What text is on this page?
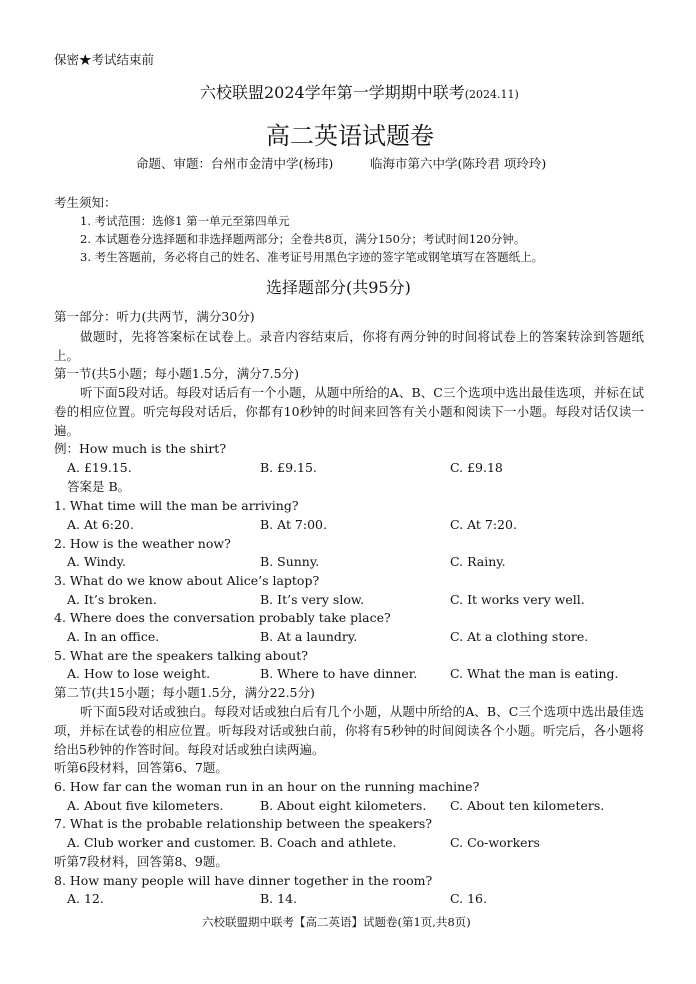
保密★考试结束前
六校联盟2024学年第一学期期中联考(2024.11)
高二英语试题卷
命题、审题：台州市金清中学(杨玮)	临海市第六中学(陈玲君 项玲玲)
考生须知：
1. 考试范围：选修1 第一单元至第四单元
2. 本试题卷分选择题和非选择题两部分；全卷共8页，满分150分；考试时间120分钟。
3. 考生答题前，务必将自己的姓名、准考证号用黑色字迹的签字笔或钢笔填写在答题纸上。
选择题部分(共95分)
第一部分：听力(共两节，满分30分)
做题时，先将答案标在试卷上。录音内容结束后，你将有两分钟的时间将试卷上的答案转涂到答题纸上。
第一节(共5小题；每小题1.5分，满分7.5分)
听下面5段对话。每段对话后有一个小题，从题中所给的A、B、C三个选项中选出最佳选项，并标在试卷的相应位置。听完每段对话后，你都有10秒钟的时间来回答有关小题和阅读下一小题。每段对话仅读一遍。
例：How much is the shirt?
A. £19.15.	B. £9.15.	C. £9.18
答案是 B。
1. What time will the man be arriving?
A. At 6:20.	B. At 7:00.	C. At 7:20.
2. How is the weather now?
A. Windy.	B. Sunny.	C. Rainy.
3. What do we know about Alice’s laptop?
A. It’s broken.	B. It’s very slow.	C. It works very well.
4. Where does the conversation probably take place?
A. In an office.	B. At a laundry.	C. At a clothing store.
5. What are the speakers talking about?
A. How to lose weight.	B. Where to have dinner.	C. What the man is eating.
第二节(共15小题；每小题1.5分，满分22.5分)
听下面5段对话或独白。每段对话或独白后有几个小题，从题中所给的A、B、C三个选项中选出最佳选项，并标在试卷的相应位置。听每段对话或独白前，你将有5秒钟的时间阅读各个小题。听完后，各小题将给出5秒钟的作答时间。每段对话或独白读两遍。
听第6段材料，回答第6、7题。
6. How far can the woman run in an hour on the running machine?
A. About five kilometers.	B. About eight kilometers. C. About ten kilometers.
7. What is the probable relationship between the speakers?
A. Club worker and customer. B. Coach and athlete.	C. Co-workers
听第7段材料，回答第8、9题。
8. How many people will have dinner together in the room?
A. 12.	B. 14.	C. 16.
六校联盟期中联考【高二英语】试题卷(第1页,共8页)
